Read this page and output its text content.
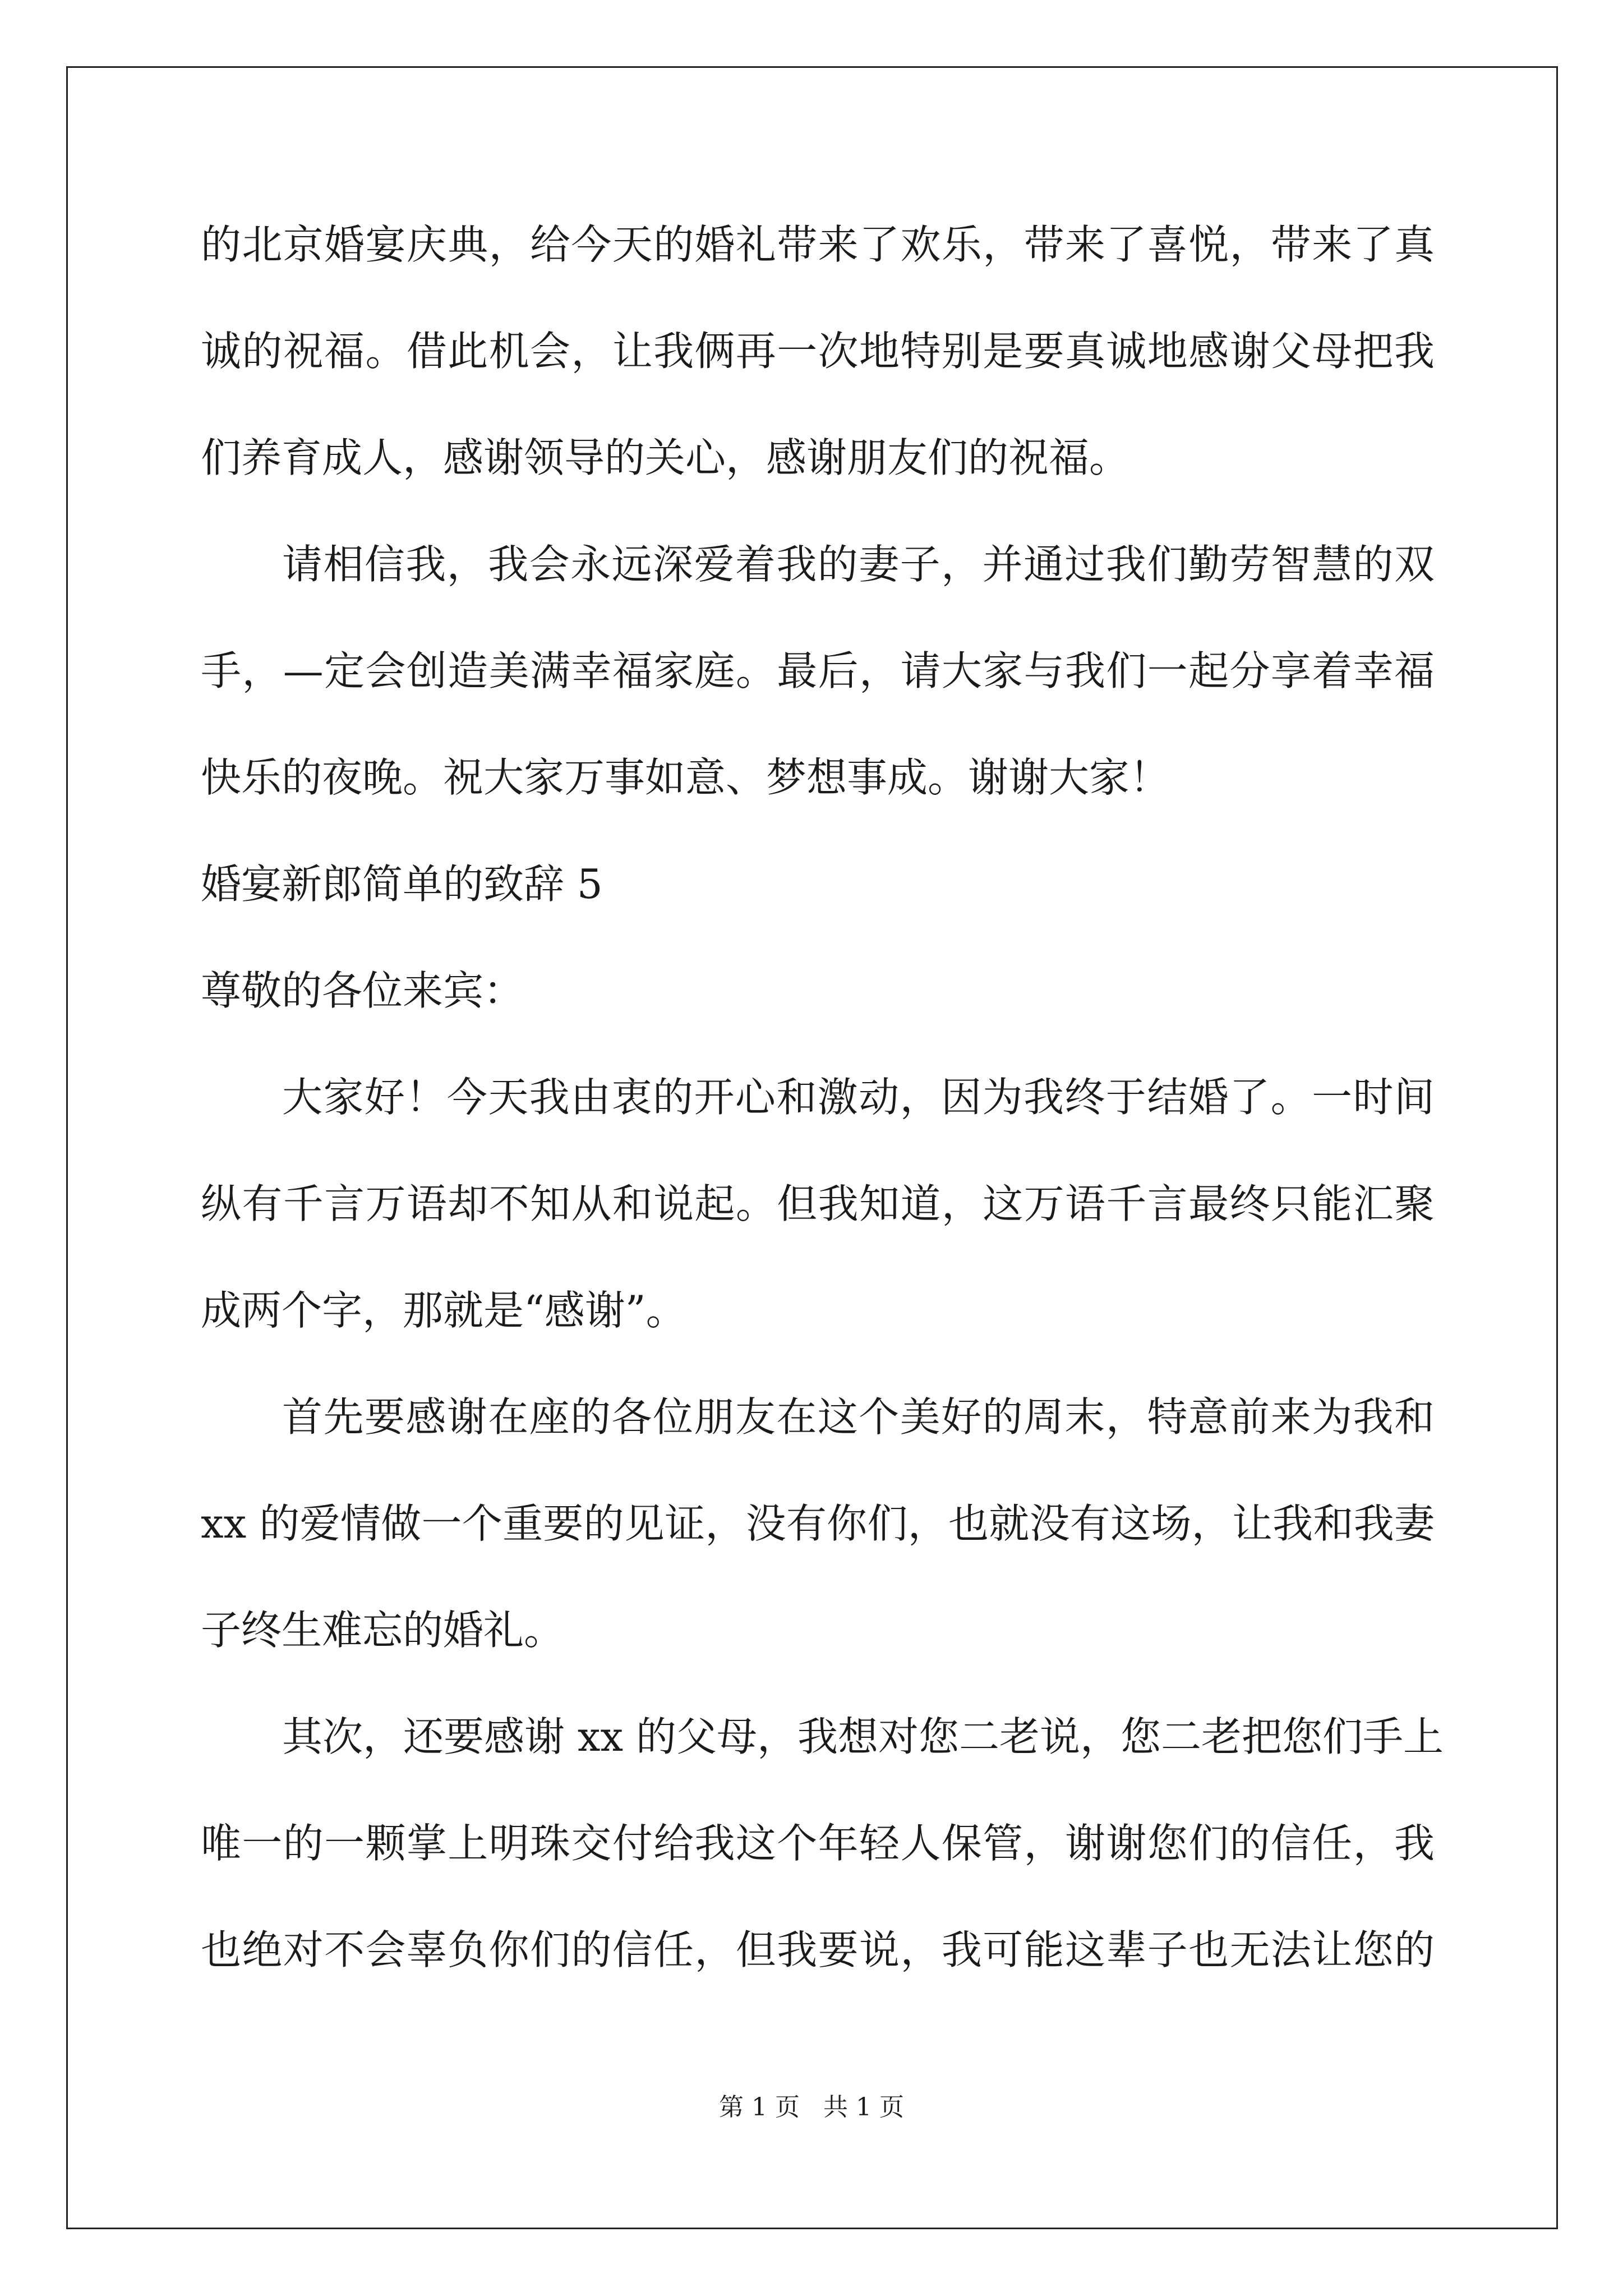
的北京婚宴庆典，给今天的婚礼带来了欢乐，带来了喜悦，带来了真
诚的祝福。借此机会，让我俩再一次地特别是要真诚地感谢父母把我
们养育成人，感谢领导的关心，感谢朋友们的祝福。
请相信我，我会永远深爱着我的妻子，并通过我们勤劳智慧的双
手，—定会创造美满幸福家庭。最后，请大家与我们一起分享着幸福
快乐的夜晚。祝大家万事如意、梦想事成。谢谢大家！
婚宴新郎简单的致辞 5
尊敬的各位来宾：
大家好！今天我由衷的开心和激动，因为我终于结婚了。一时间
纵有千言万语却不知从和说起。但我知道，这万语千言最终只能汇聚
成两个字，那就是“感谢”。
首先要感谢在座的各位朋友在这个美好的周末，特意前来为我和
xx 的爱情做一个重要的见证，没有你们，也就没有这场，让我和我妻
子终生难忘的婚礼。
其次，还要感谢 xx 的父母，我想对您二老说，您二老把您们手上
唯一的一颗掌上明珠交付给我这个年轻人保管，谢谢您们的信任，我
也绝对不会辜负你们的信任，但我要说，我可能这辈子也无法让您的
第 1 页   共 1 页
